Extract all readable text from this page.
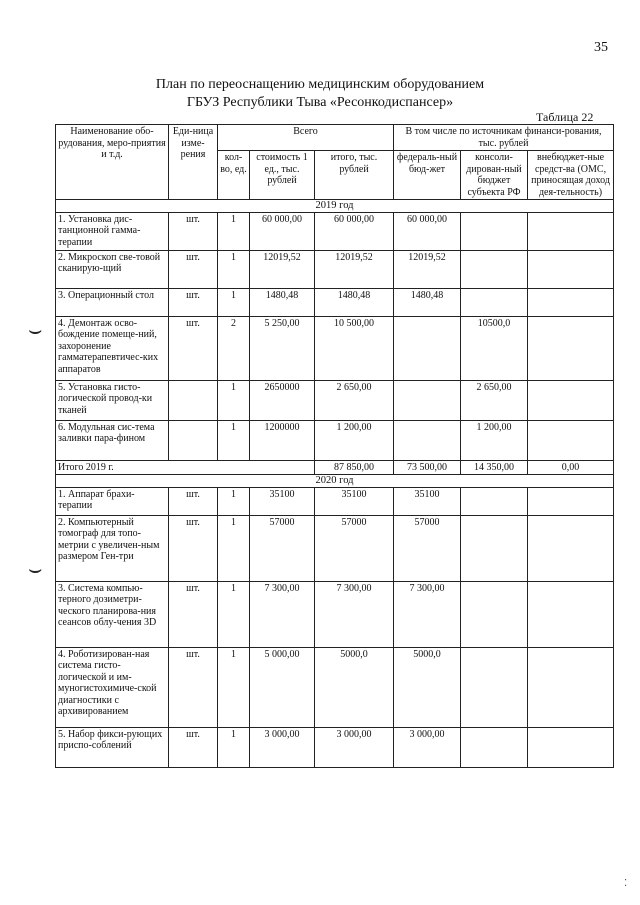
35
План по переоснащению медицинским оборудованием
ГБУЗ Республики Тыва «Ресонкодиспансер»
Таблица 22
Наименование обо-рудования, меро-приятия и т.д.	Еди-ница изме-рения	Всего			В том числе по источникам финанси-рования, тыс. рублей		
		кол-во, ед.	стоимость 1 ед., тыс. рублей	итого, тыс. рублей	федераль-ный бюд-жет	консоли-дирован-ный бюджет субъекта РФ	внебюджет-ные средст-ва (ОМС, приносящая доход дея-тельность)
2019 год							
1. Установка дис-танционной гамма-терапии	шт.	1	60 000,00	60 000,00	60 000,00		
2. Микроскоп све-товой сканирую-щий	шт.	1	12019,52	12019,52	12019,52		
3. Операционный стол	шт.	1	1480,48	1480,48	1480,48		
4. Демонтаж осво-бождение помеще-ний, захоронение гамматерапевтичес-ких аппаратов	шт.	2	5 250,00	10 500,00		10500,0	
5. Установка гисто-логической провод-ки тканей		1	2650000	2 650,00		2 650,00	
6. Модульная сис-тема заливки пара-фином		1	1200000	1 200,00		1 200,00	
Итого 2019 г.				87 850,00	73 500,00	14 350,00	0,00
2020 год							
1. Аппарат брахи-терапии	шт.	1	35100	35100	35100		
2. Компьютерный томограф для топо-метрии с увеличен-ным размером Ген-три	шт.	1	57000	57000	57000		
3. Система компью-терного дозиметри-ческого планирова-ния сеансов облу-чения 3D	шт.	1	7 300,00	7 300,00	7 300,00		
4. Роботизирован-ная система гисто-логической и им-муногистохимиче-ской диагностики с архивированием	шт.	1	5 000,00	5000,0	5000,0		
5. Набор фикси-рующих приспо-соблений	шт.	1	3 000,00	3 000,00	3 000,00		
⌣
⌣
⁚
